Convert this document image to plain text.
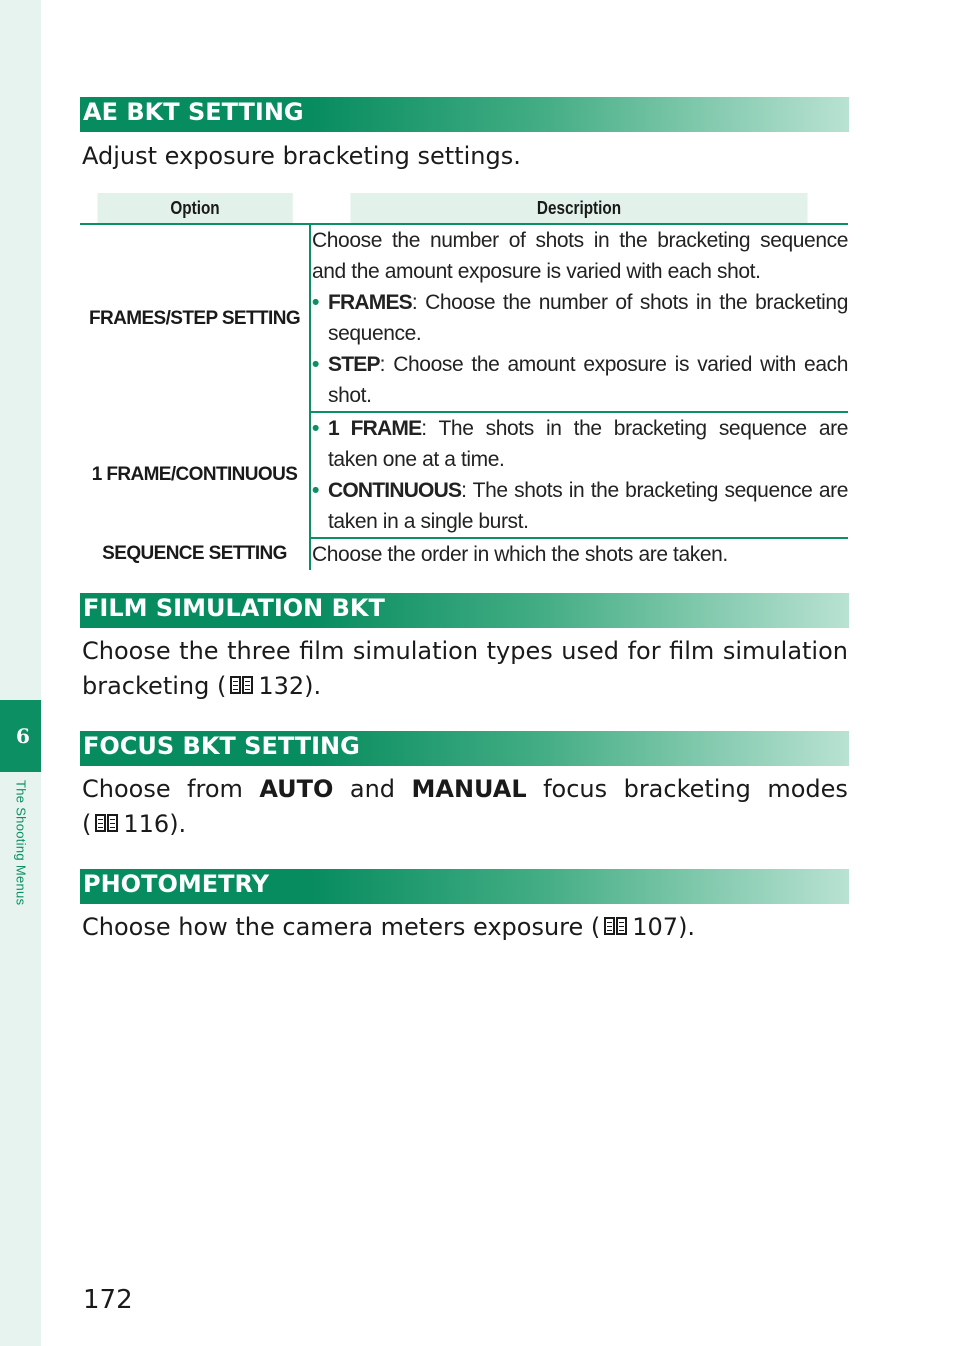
6
The Shooting Menus
AE BKT SETTING
Adjust exposure bracketing settings.
Option	Description
FRAMES/STEP SETTING	Choose the number of shots in the bracketing sequence and the amount exposure is varied with each shot.
• FRAMES: Choose the number of shots in the bracketing sequence.
• STEP: Choose the amount exposure is varied with each shot.

1 FRAME/CONTINUOUS	• 1 FRAME: The shots in the bracketing sequence are taken one at a time.
• CONTINUOUS: The shots in the bracketing sequence are taken in a single burst.

SEQUENCE SETTING	Choose the order in which the shots are taken.
FILM SIMULATION BKT
Choose the three film simulation types used for film simulation
bracketing ( 132).
FOCUS BKT SETTING
Choose from AUTO and MANUAL focus bracketing modes
( 116).
PHOTOMETRY
Choose how the camera meters exposure ( 107).
172
